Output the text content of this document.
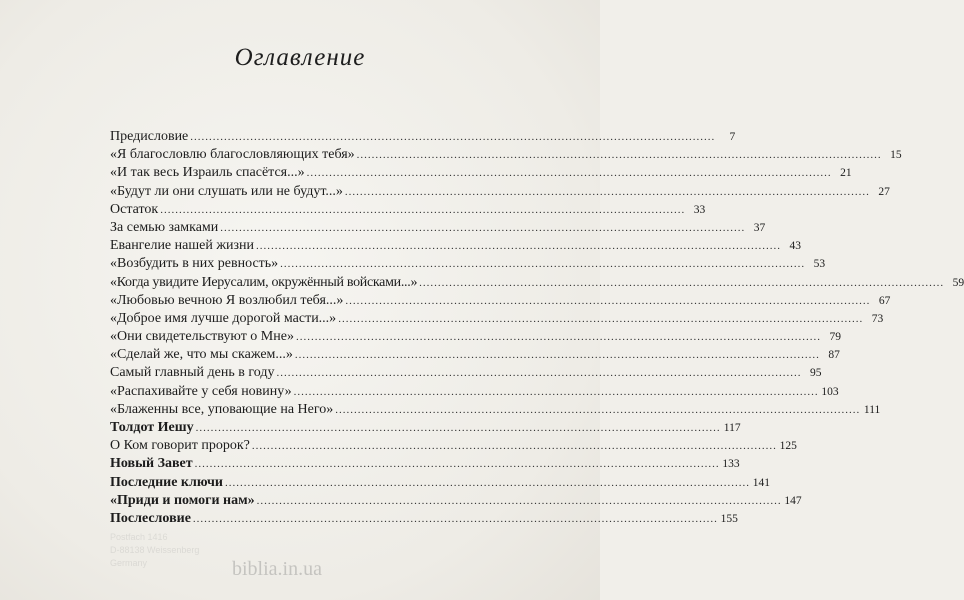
Оглавление
Предисловие ............................................................................................................................................	7
«Я благословлю благословляющих тебя» ............................................................................................................................................ 15
«И так весь Израиль спасётся...» ............................................................................................................................................ 21
«Будут ли они слушать или не будут...» ............................................................................................................................................ 27
Остаток ............................................................................................................................................ 33
За семью замками ............................................................................................................................................ 37
Евангелие нашей жизни ............................................................................................................................................ 43
«Возбудить в них ревность» ............................................................................................................................................ 53
«Когда увидите Иерусалим, окружённый войсками...» ............................................................................................................................................ 59
«Любовью вечною Я возлюбил тебя...» ............................................................................................................................................ 67
«Доброе имя лучше дорогой масти...» ............................................................................................................................................ 73
«Они свидетельствуют о Мне» ............................................................................................................................................ 79
«Сделай же, что мы скажем...» ............................................................................................................................................ 87
Самый главный день в году ............................................................................................................................................ 95
«Распахивайте у себя новину» ............................................................................................................................................ 103
«Блаженны все, уповающие на Него» ............................................................................................................................................ 111
Толдот Иешу ............................................................................................................................................ 117
О Ком говорит пророк? ............................................................................................................................................ 125
Новый Завет ............................................................................................................................................ 133
Последние ключи ............................................................................................................................................ 141
«Приди и помоги нам» ............................................................................................................................................ 147
Послесловие ............................................................................................................................................ 155
Postfach 1416
D-88138 Weissenberg
Germany	biblia.in.ua
